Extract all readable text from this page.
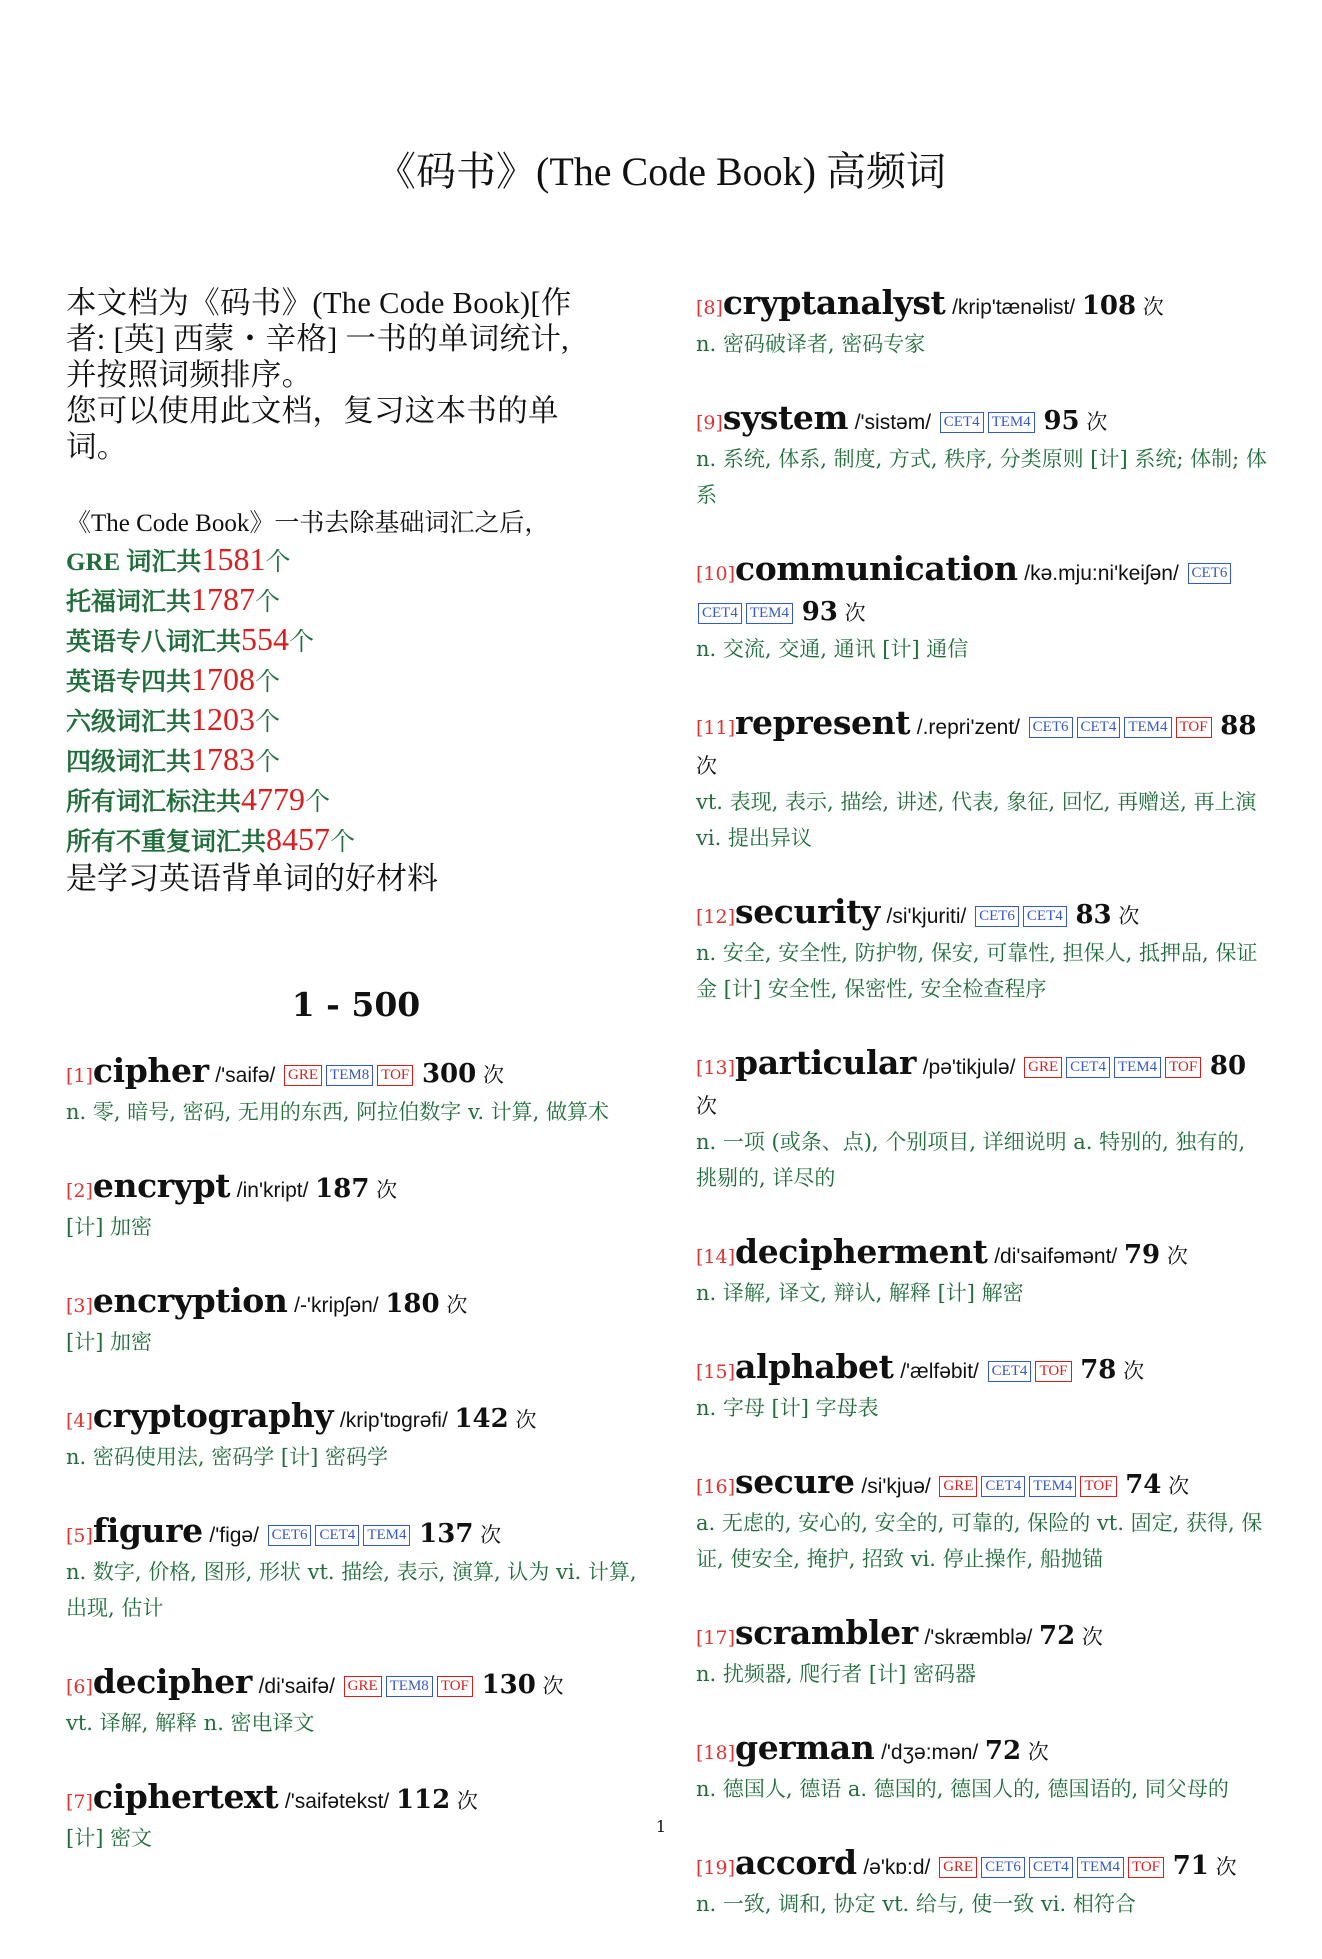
《码书》(The Code Book) 高频词
本文档为《码书》(The Code Book)[作
者: [英] 西蒙・辛格] 一书的单词统计,
并按照词频排序。
您可以使用此文档，复习这本书的单
词。
《The Code Book》一书去除基础词汇之后，
GRE 词汇共1581个
托福词汇共1787个
英语专八词汇共554个
英语专四共1708个
六级词汇共1203个
四级词汇共1783个
所有词汇标注共4779个
所有不重复词汇共8457个
是学习英语背单词的好材料
1 - 500
[1]cipher /'saifə/ GRE TEM8 TOF 300 次
n. 零, 暗号, 密码, 无用的东西, 阿拉伯数字 v. 计算, 做算术
[2]encrypt /in'kript/ 187 次
[计] 加密
[3]encryption /-'kripʃən/ 180 次
[计] 加密
[4]cryptography /krip'tɒgrəfi/ 142 次
n. 密码使用法, 密码学 [计] 密码学
[5]figure /'figə/ CET6 CET4 TEM4 137 次
n. 数字, 价格, 图形, 形状 vt. 描绘, 表示, 演算, 认为 vi. 计算, 出现, 估计
[6]decipher /di'saifə/ GRE TEM8 TOF 130 次
vt. 译解, 解释 n. 密电译文
[7]ciphertext /'saifətekst/ 112 次
[计] 密文
[8]cryptanalyst /krip'tænəlist/ 108 次
n. 密码破译者, 密码专家
[9]system /'sistəm/ CET4 TEM4 95 次
n. 系统, 体系, 制度, 方式, 秩序, 分类原则 [计] 系统; 体制; 体系
[10]communication /kə.mju:ni'keiʃən/ CET6CET4 TEM4 93 次
n. 交流, 交通, 通讯 [计] 通信
[11]represent /.repri'zent/ CET6 CET4 TEM4 TOF 88 次
vt. 表现, 表示, 描绘, 讲述, 代表, 象征, 回忆, 再赠送, 再上演 vi. 提出异议
[12]security /si'kjuriti/ CET6 CET4 83 次
n. 安全, 安全性, 防护物, 保安, 可靠性, 担保人, 抵押品, 保证金 [计] 安全性, 保密性, 安全检查程序
[13]particular /pə'tikjulə/ GRE CET4 TEM4 TOF 80 次
n. 一项 (或条、点), 个别项目, 详细说明 a. 特别的, 独有的, 挑剔的, 详尽的
[14]decipherment /di'saifəmənt/ 79 次
n. 译解, 译文, 辩认, 解释 [计] 解密
[15]alphabet /'ælfəbit/ CET4 TOF 78 次
n. 字母 [计] 字母表
[16]secure /si'kjuə/ GRE CET4 TEM4 TOF 74 次
a. 无虑的, 安心的, 安全的, 可靠的, 保险的 vt. 固定, 获得, 保证, 使安全, 掩护, 招致 vi. 停止操作, 船抛锚
[17]scrambler /'skræmblə/ 72 次
n. 扰频器, 爬行者 [计] 密码器
[18]german /'dʒə:mən/ 72 次
n. 德国人, 德语 a. 德国的, 德国人的, 德国语的, 同父母的
[19]accord /ə'kɒ:d/ GRE CET6 CET4 TEM4 TOF 71 次
n. 一致, 调和, 协定 vt. 给与, 使一致 vi. 相符合
1
